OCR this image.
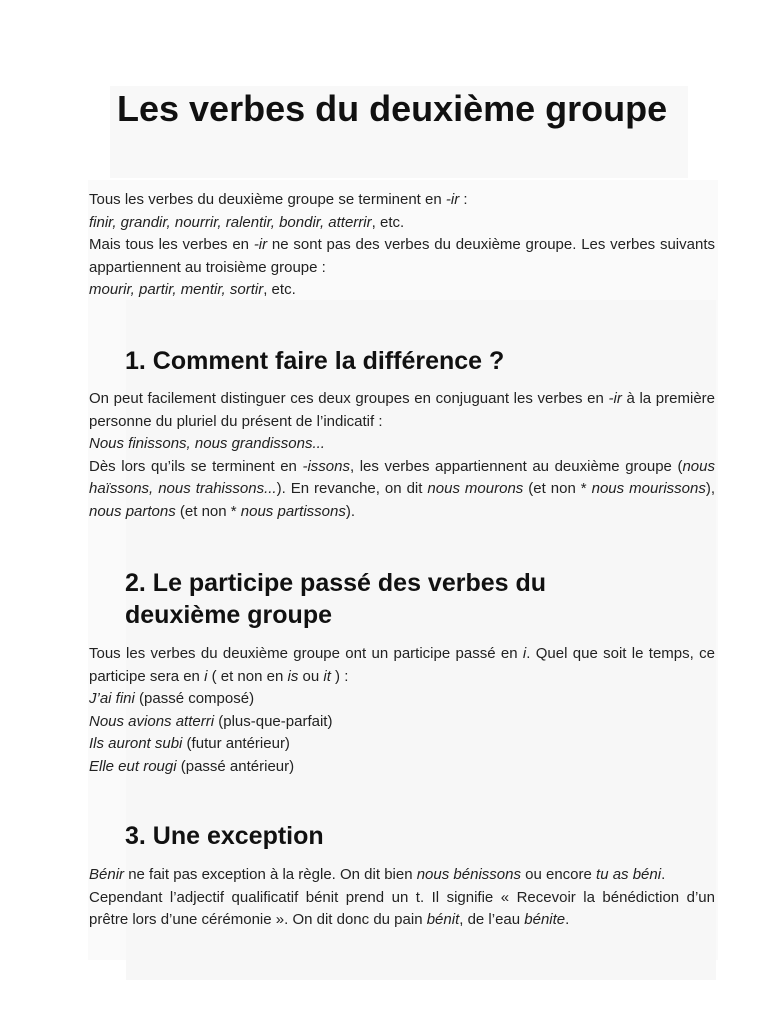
Les verbes du deuxième groupe

Tous les verbes du deuxième groupe se terminent en -ir :

finir, grandir, nourrir, ralentir, bondir, atterrir, etc.

Mais tous les verbes en -ir ne sont pas des verbes du deuxième groupe. Les verbes suivants appartiennent au troisième groupe :

mourir, partir, mentir, sortir, etc.

1. Comment faire la différence ?

On peut facilement distinguer ces deux groupes en conjuguant les verbes en -ir à la première personne du pluriel du présent de l’indicatif :

Nous finissons, nous grandissons...

Dès lors qu’ils se terminent en -issons, les verbes appartiennent au deuxième groupe (nous haïssons, nous trahissons...). En revanche, on dit nous mourons (et non * nous mourissons), nous partons (et non * nous partissons).

2. Le participe passé des verbes du deuxième groupe

Tous les verbes du deuxième groupe ont un participe passé en i. Quel que soit le temps, ce participe sera en i ( et non en is ou it ) :

J’ai fini (passé composé)

Nous avions atterri (plus-que-parfait)

Ils auront subi (futur antérieur)

Elle eut rougi (passé antérieur)

3. Une exception

Bénir ne fait pas exception à la règle. On dit bien nous bénissons ou encore tu as béni.

Cependant l’adjectif qualificatif bénit prend un t. Il signifie « Recevoir la bénédiction d’un prêtre lors d’une cérémonie ». On dit donc du pain bénit, de l’eau bénite.
